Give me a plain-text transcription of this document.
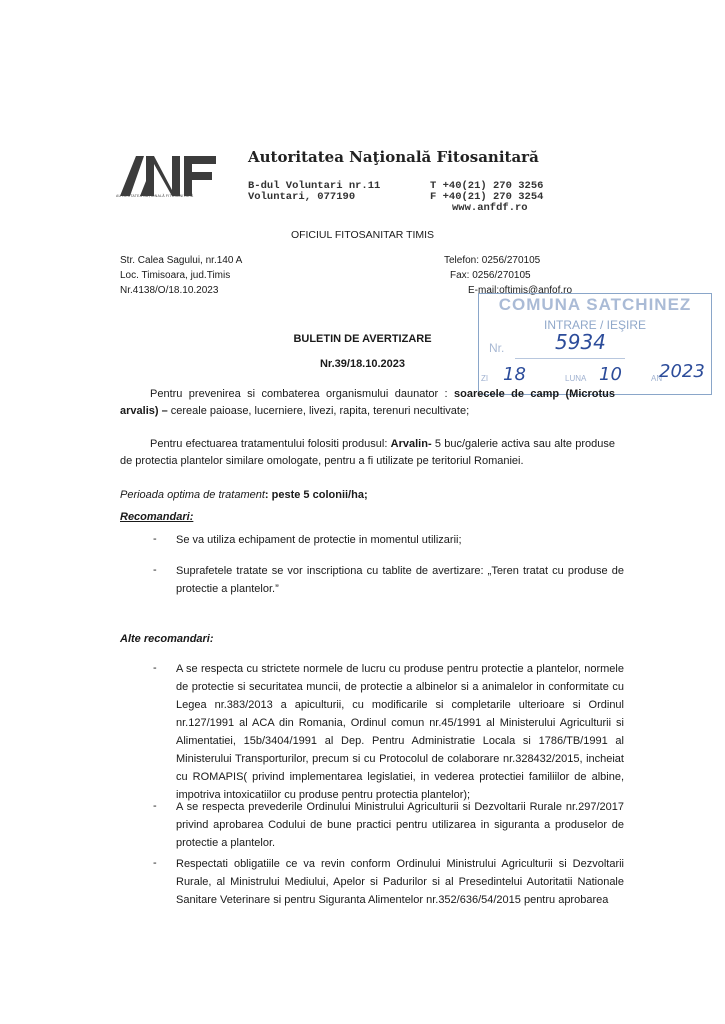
AUTORITATEA NAȚIONALĂ FITOSANITARĂ
Autoritatea Naţională Fitosanitară
B-dul Voluntari nr.11
Voluntari, 077190
T +40(21) 270 3256
F +40(21) 270 3254
www.anfdf.ro
OFICIUL FITOSANITAR TIMIS
Str. Calea Sagului, nr.140 A
Loc. Timisoara, jud.Timis
Nr.4138/O/18.10.2023
Telefon: 0256/270105
Fax: 0256/270105
E-mail:oftimis@anfof.ro
COMUNA SATCHINEZ
INTRARE / IEŞIRE
Nr.	5934
ZI	LUNA	AN
18	10 2023
BULETIN DE AVERTIZARE
Nr.39/18.10.2023
Pentru prevenirea si combaterea organismului daunator : soarecele de camp (Microtus arvalis) – cereale paioase, lucerniere, livezi, rapita, terenuri necultivate;
Pentru efectuarea tratamentului folositi produsul: Arvalin- 5 buc/galerie activa sau alte produse de protectia plantelor similare omologate, pentru a fi utilizate pe teritoriul Romaniei.
Perioada optima de tratament: peste 5 colonii/ha;
Recomandari:
- Se va utiliza echipament de protectie in momentul utilizarii;
- Suprafetele tratate se vor inscriptiona cu tablite de avertizare: „Teren tratat cu produse de protectie a plantelor.”
Alte recomandari:
- A se respecta cu strictete normele de lucru cu produse pentru protectie a plantelor, normele de protectie si securitatea muncii, de protectie a albinelor si a animalelor in conformitate cu Legea nr.383/2013 a apiculturii, cu modificarile si completarile ulterioare si Ordinul nr.127/1991 al ACA din Romania, Ordinul comun nr.45/1991 al Ministerului Agriculturii si Alimentatiei, 15b/3404/1991 al Dep. Pentru Administratie Locala si 1786/TB/1991 al Ministerului Transporturilor, precum si cu Protocolul de colaborare nr.328432/2015, incheiat cu ROMAPIS( privind implementarea legislatiei, in vederea protectiei familiilor de albine, impotriva intoxicatiilor cu produse pentru protectia plantelor);
- A se respecta prevederile Ordinului Ministrului Agriculturii si Dezvoltarii Rurale nr.297/2017 privind aprobarea Codului de bune practici pentru utilizarea in siguranta a produselor de protectie a plantelor.
- Respectati obligatiile ce va revin conform Ordinului Ministrului Agriculturii si Dezvoltarii Rurale, al Ministrului Mediului, Apelor si Padurilor si al Presedintelui Autoritatii Nationale Sanitare Veterinare si pentru Siguranta Alimentelor nr.352/636/54/2015 pentru aprobarea
